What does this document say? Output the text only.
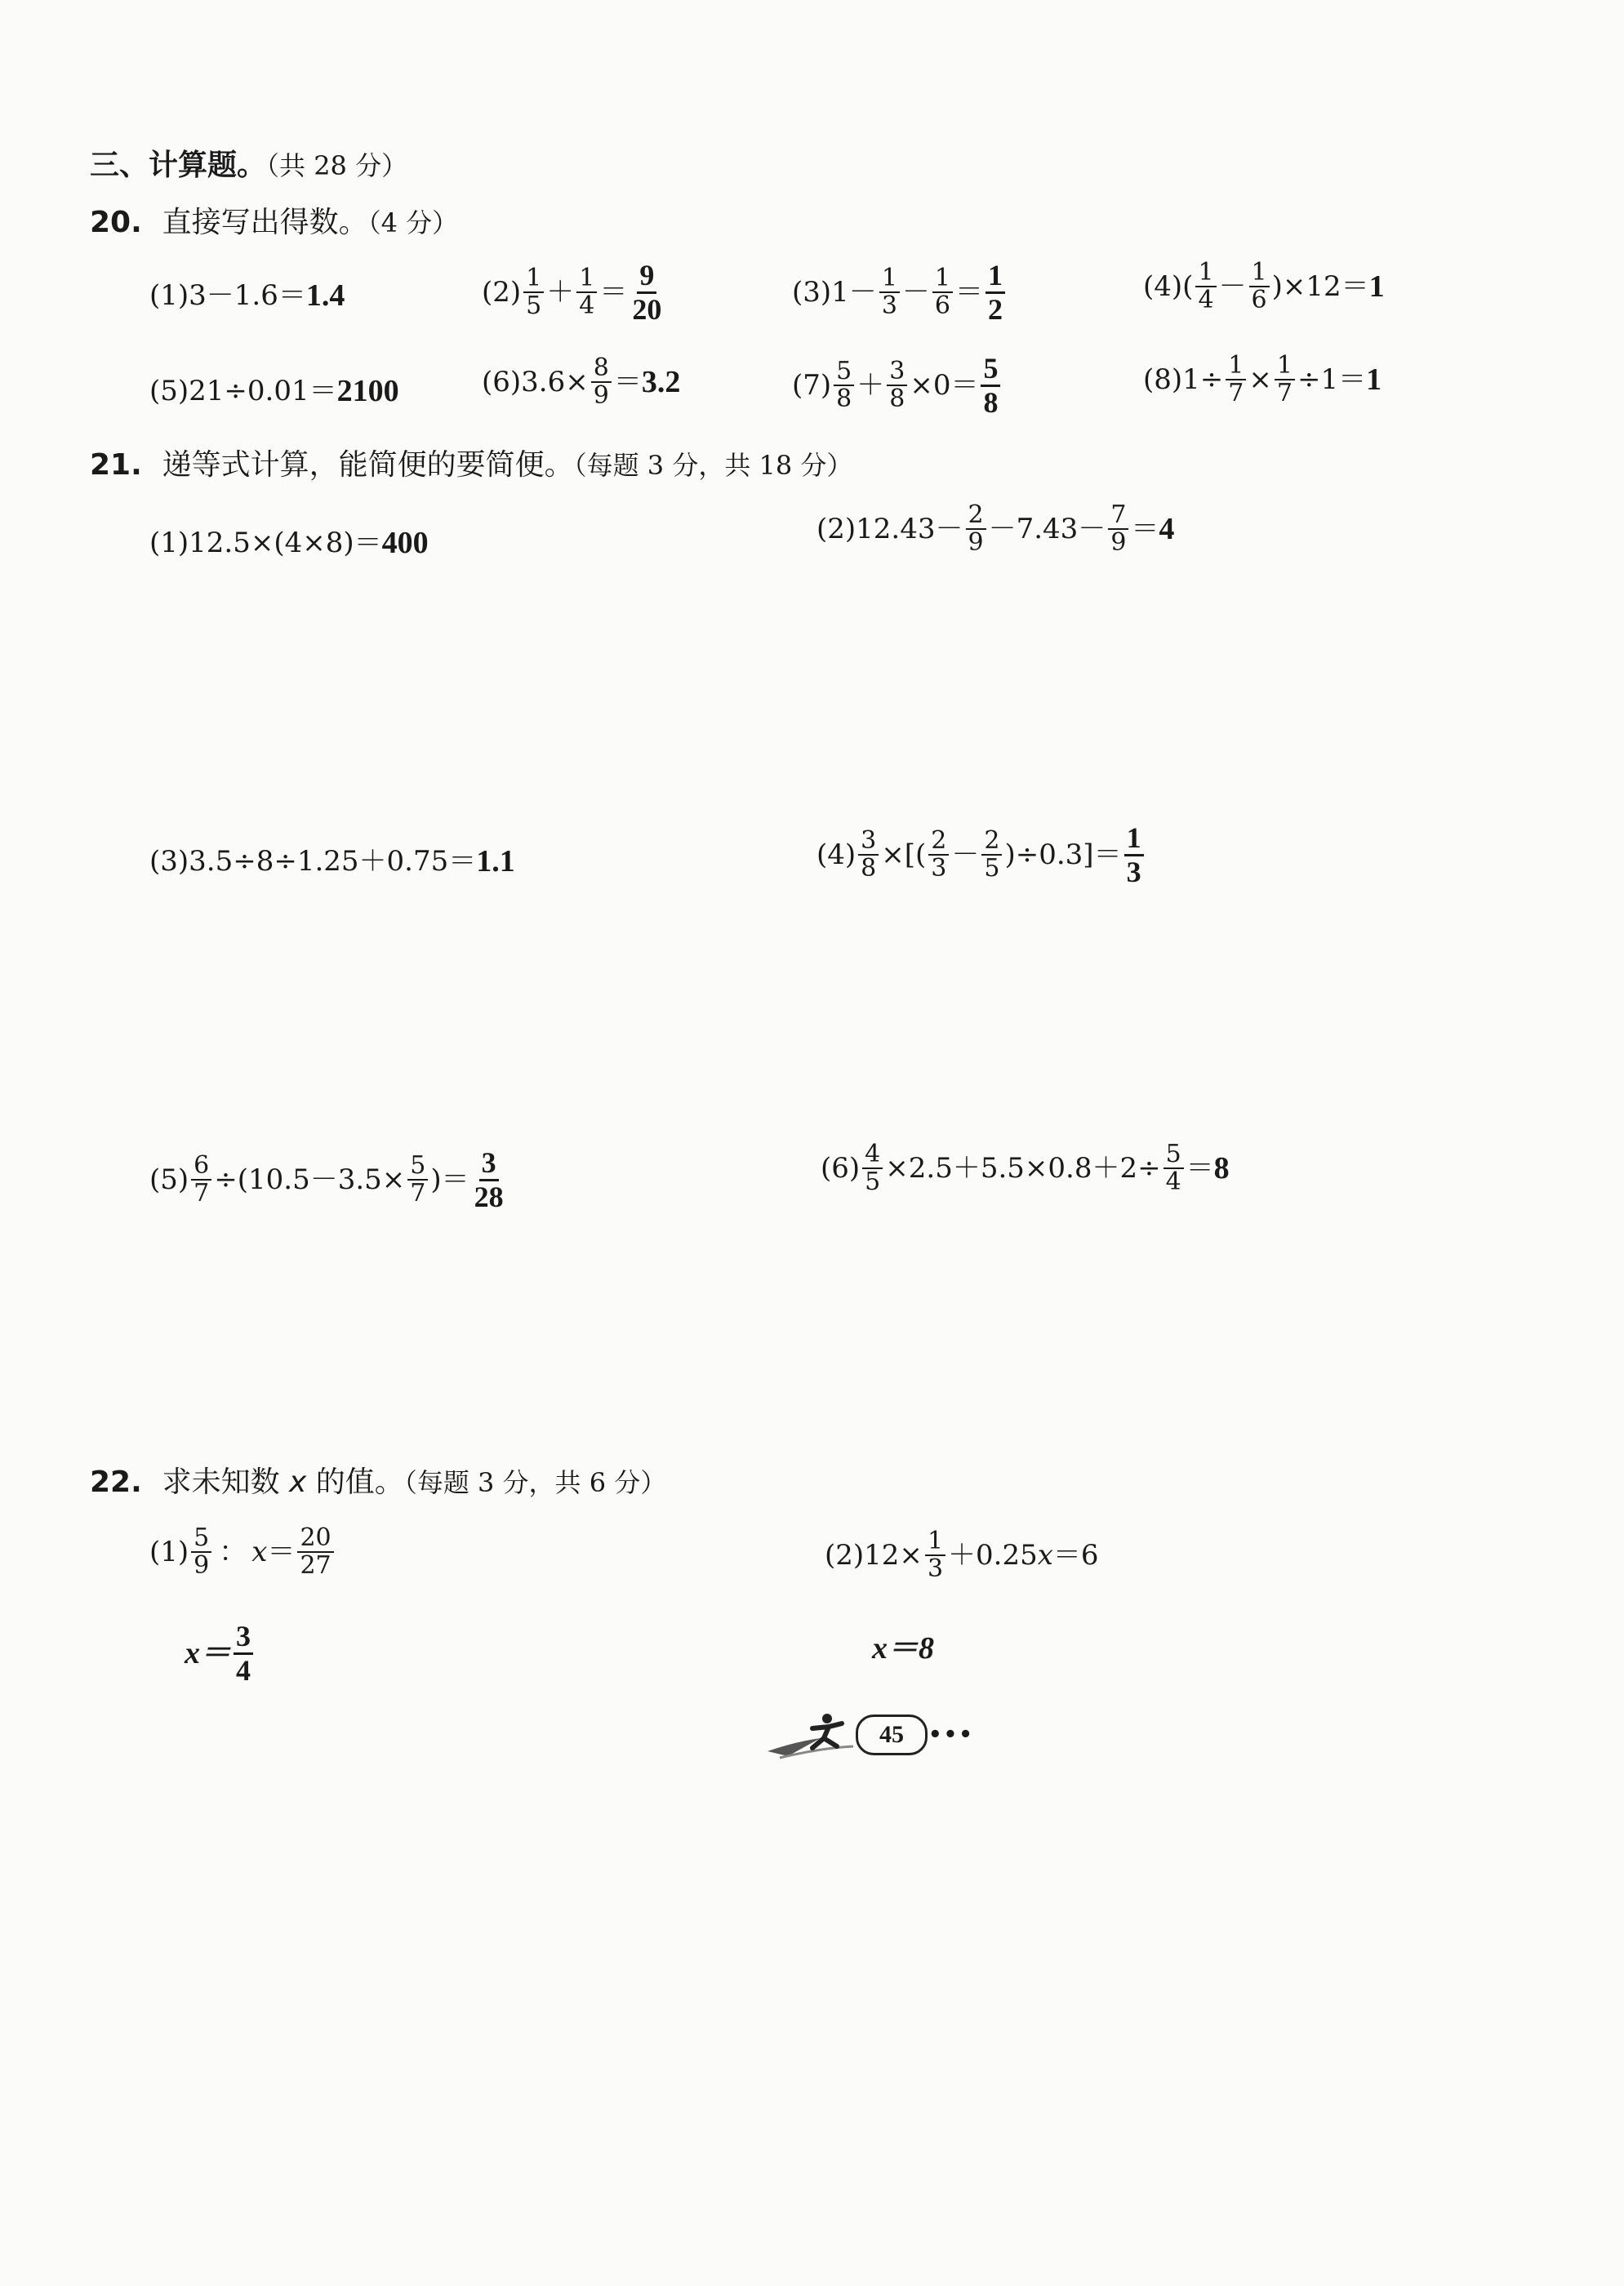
三、计算题。（共 28 分）
20. 直接写出得数。（4 分）
(1) 3－1.6＝ 1.4	$(2) \frac{1}{5} + \frac{1}{4} = \frac{9}{20}$	(3) $1- \frac{1}{3} - \frac{1}{6} = \frac{1}{2}$	(4) ( $\frac{1}{4} - \frac{1}{6} )\times 12= 1$
(5) 21÷0.01＝ 2100	(6) $3.6\times \frac{8}{9} = 3.2$	$(7) \frac{5}{8} + \frac{3}{8} \times 0= \frac{5}{8}$	(8) $1\div \frac{1}{7} \times \frac{1}{7} \div 1= 1$
21. 递等式计算，能简便的要简便。（每题 3 分，共 18 分）
(1) 12.5×(4×8)＝ 400	(2) $12.43- \frac{2}{9} -7.43- \frac{7}{9} = 4$
(3) 3.5÷8÷1.25＋0.75＝ 1.1	$(4) \frac{3}{8}$ ×[( $\frac{2}{3} - \frac{2}{5} )\div 0.3]= \frac{1}{3}$
$(5) \frac{6}{7} \div(10.5-3.5\times \frac{5}{7}$ )＝ $\frac{3}{28}$	$(6) \frac{4}{5} \times 2.5+5.5\times 0.8+2\div \frac{5}{4} = 8$
22. 求未知数 x 的值。（每题 3 分，共 6 分）
$(1) \frac{5}{9}$ ： $x = \frac{20}{27}$
$x= \frac{3}{4}$
(2) $12\times \frac{1}{3} +0.25$ x ＝6
x＝8
45	•••
